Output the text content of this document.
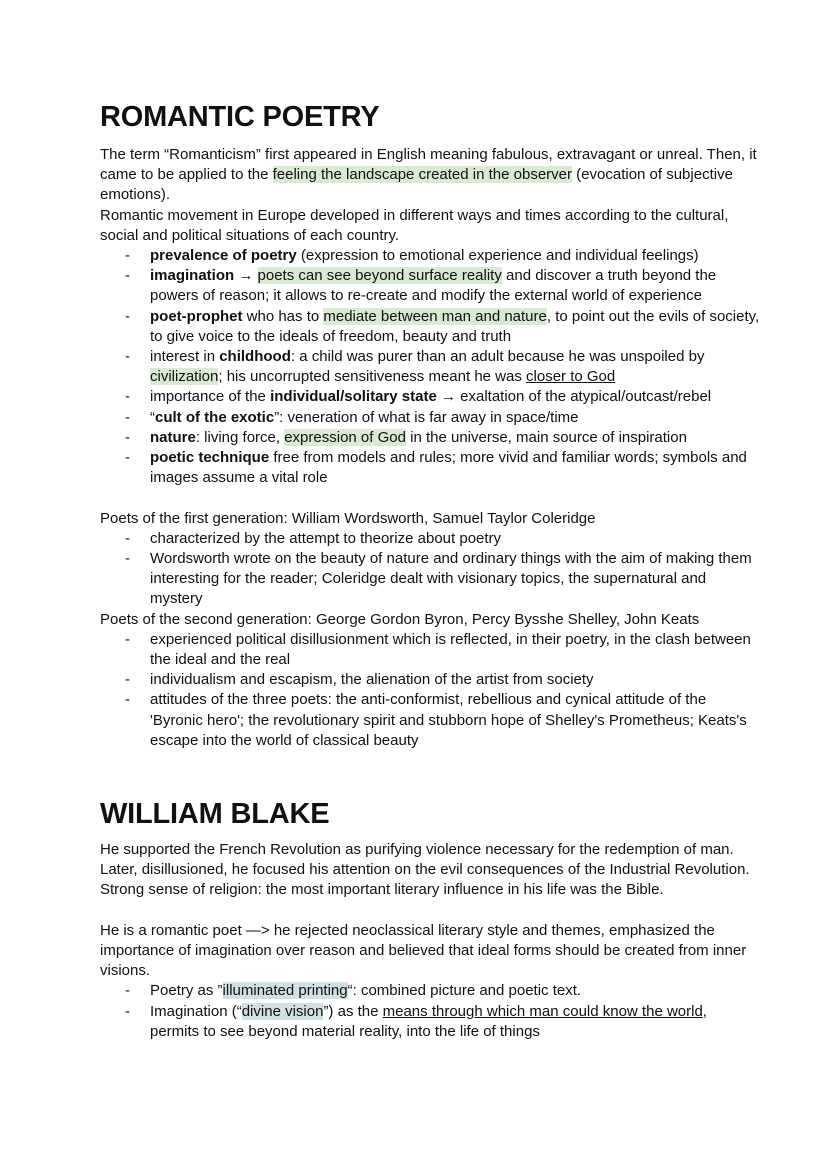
ROMANTIC POETRY

The term “Romanticism” first appeared in English meaning fabulous, extravagant or unreal. Then, it came to be applied to the feeling the landscape created in the observer (evocation of subjective emotions).

Romantic movement in Europe developed in different ways and times according to the cultural, social and political situations of each country.

- prevalence of poetry (expression to emotional experience and individual feelings)
- imagination → poets can see beyond surface reality and discover a truth beyond the powers of reason; it allows to re-create and modify the external world of experience
- poet-prophet who has to mediate between man and nature, to point out the evils of society, to give voice to the ideals of freedom, beauty and truth
- interest in childhood: a child was purer than an adult because he was unspoiled by civilization; his uncorrupted sensitiveness meant he was closer to God
- importance of the individual/solitary state → exaltation of the atypical/outcast/rebel
- “cult of the exotic”: veneration of what is far away in space/time
- nature: living force, expression of God in the universe, main source of inspiration
- poetic technique free from models and rules; more vivid and familiar words; symbols and images assume a vital role

Poets of the first generation: William Wordsworth, Samuel Taylor Coleridge

- characterized by the attempt to theorize about poetry
- Wordsworth wrote on the beauty of nature and ordinary things with the aim of making them interesting for the reader; Coleridge dealt with visionary topics, the supernatural and mystery

Poets of the second generation: George Gordon Byron, Percy Bysshe Shelley, John Keats

- experienced political disillusionment which is reflected, in their poetry, in the clash between the ideal and the real
- individualism and escapism, the alienation of the artist from society
- attitudes of the three poets: the anti-conformist, rebellious and cynical attitude of the 'Byronic hero'; the revolutionary spirit and stubborn hope of Shelley's Prometheus; Keats's escape into the world of classical beauty
WILLIAM BLAKE

He supported the French Revolution as purifying violence necessary for the redemption of man. Later, disillusioned, he focused his attention on the evil consequences of the Industrial Revolution.

Strong sense of religion: the most important literary influence in his life was the Bible.

He is a romantic poet —> he rejected neoclassical literary style and themes, emphasized the importance of imagination over reason and believed that ideal forms should be created from inner visions.

- Poetry as ”illuminated printing“: combined picture and poetic text.
- Imagination (“divine vision”) as the means through which man could know the world, permits to see beyond material reality, into the life of things
